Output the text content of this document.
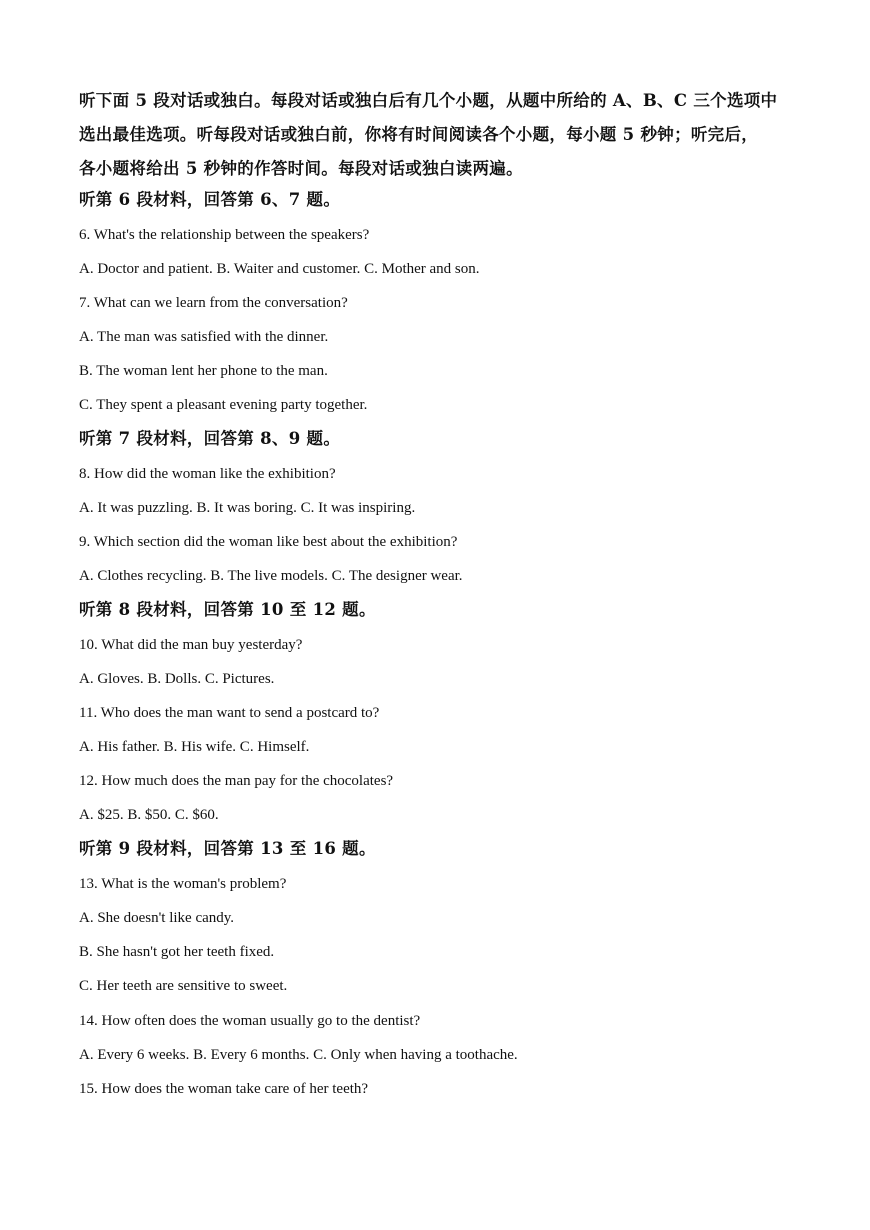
听下面 5 段对话或独白。每段对话或独白后有几个小题，从题中所给的 A、B、C 三个选项中
选出最佳选项。听每段对话或独白前，你将有时间阅读各个小题，每小题 5 秒钟；听完后，
各小题将给出 5 秒钟的作答时间。每段对话或独白读两遍。
听第 6 段材料，回答第 6、7 题。
6. What's the relationship between the speakers?
A. Doctor and patient. B. Waiter and customer. C. Mother and son.
7. What can we learn from the conversation?
A. The man was satisfied with the dinner.
B. The woman lent her phone to the man.
C. They spent a pleasant evening party together.
听第 7 段材料，回答第 8、9 题。
8. How did the woman like the exhibition?
A. It was puzzling. B. It was boring. C. It was inspiring.
9. Which section did the woman like best about the exhibition?
A. Clothes recycling. B. The live models. C. The designer wear.
听第 8 段材料，回答第 10 至 12 题。
10. What did the man buy yesterday?
A. Gloves. B. Dolls. C. Pictures.
11. Who does the man want to send a postcard to?
A. His father. B. His wife. C. Himself.
12. How much does the man pay for the chocolates?
A. $25. B. $50. C. $60.
听第 9 段材料，回答第 13 至 16 题。
13. What is the woman's problem?
A. She doesn't like candy.
B. She hasn't got her teeth fixed.
C. Her teeth are sensitive to sweet.
14. How often does the woman usually go to the dentist?
A. Every 6 weeks. B. Every 6 months. C. Only when having a toothache.
15. How does the woman take care of her teeth?
